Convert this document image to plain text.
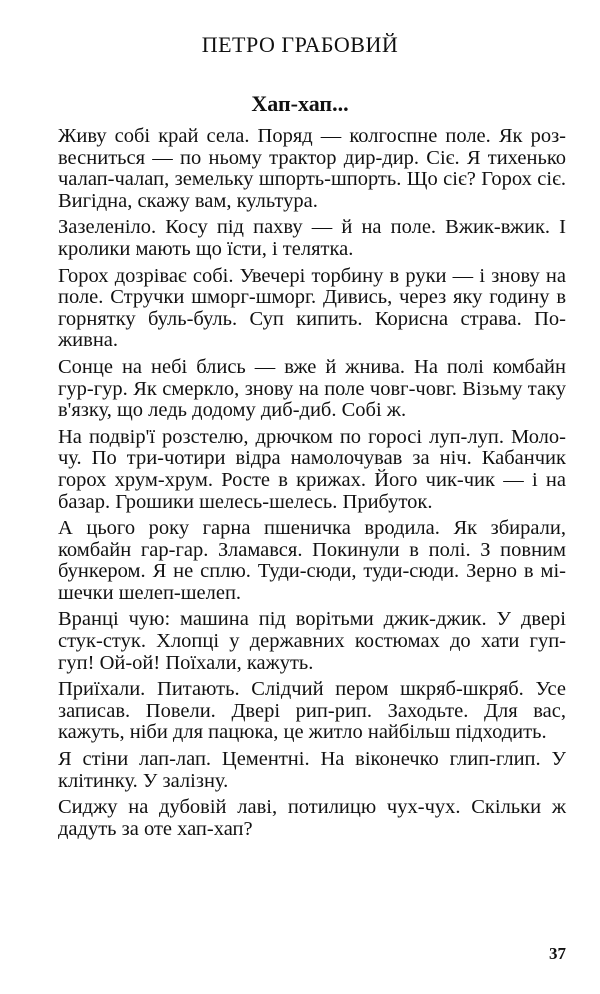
ПЕТРО ГРАБОВИЙ
Хап-хап...

Живу собі край села. Поряд — колгоспне поле. Як розвесниться — по ньому трактор дир-дир. Сіє. Я тихенько чалап-чалап, земельку шпорть-шпорть. Що сіє? Горох сіє. Вигідна, скажу вам, культура.

Зазеленіло. Косу під пахву — й на поле. Вжик-вжик. І кролики мають що їсти, і телятка.

Горох дозріває собі. Увечері торбину в руки — і знову на поле. Стручки шморг-шморг. Дивись, через яку годину в горнятку буль-буль. Суп кипить. Корисна страва. Поживна.

Сонце на небі блись — вже й жнива. На полі комбайн гур-гур. Як смеркло, знову на поле човг-човг. Візьму таку в'язку, що ледь додому диб-диб. Собі ж.

На подвір'ї розстелю, дрючком по горосі луп-луп. Молочу. По три-чотири відра намолочував за ніч. Кабанчик горох хрум-хрум. Росте в крижах. Його чик-чик — і на базар. Грошики шелесь-шелесь. Прибуток.

А цього року гарна пшеничка вродила. Як збирали, комбайн гар-гар. Зламався. Покинули в полі. З повним бункером. Я не сплю. Туди-сюди, туди-сюди. Зерно в мішечки шелеп-шелеп.

Вранці чую: машина під ворітьми джик-джик. У двері стук-стук. Хлопці у державних костюмах до хати гуп-гуп! Ой-ой! Поїхали, кажуть.

Приїхали. Питають. Слідчий пером шкряб-шкряб. Усе записав. Повели. Двері рип-рип. Заходьте. Для вас, кажуть, ніби для пацюка, це житло найбільш підходить.

Я стіни лап-лап. Цементні. На віконечко глип-глип. У клітинку. У залізну.

Сиджу на дубовій лаві, потилицю чух-чух. Скільки ж дадуть за оте хап-хап?

37
